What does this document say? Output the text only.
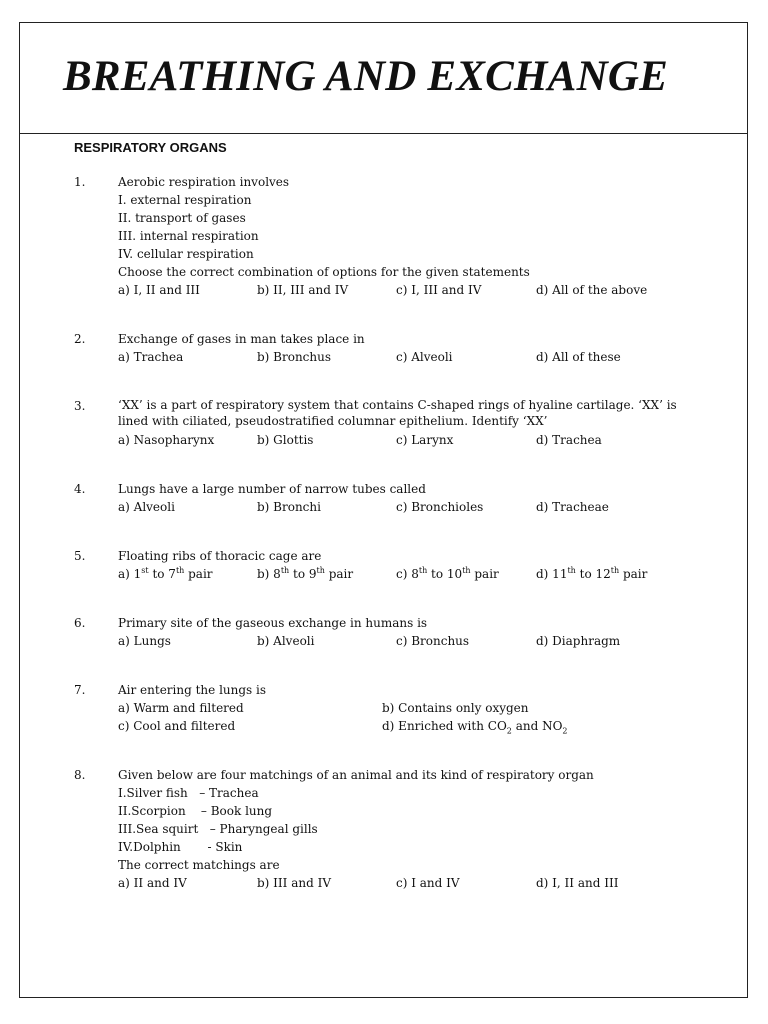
BREATHING AND EXCHANGE
RESPIRATORY ORGANS
1.	Aerobic respiration involves
I. external respiration
II. transport of gases
III. internal respiration
IV. cellular respiration
Choose the correct combination of options for the given statements
a) I, II and III	b) II, III and IV	c) I, III and IV	d) All of the above
2.	Exchange of gases in man takes place in
a) Trachea	b) Bronchus	c) Alveoli	d) All of these
3.	‘XX’ is a part of respiratory system that contains C-shaped rings of hyaline cartilage. ‘XX’ is lined with ciliated, pseudostratified columnar epithelium. Identify ‘XX’
a) Nasopharynx	b) Glottis	c) Larynx	d) Trachea
4.	Lungs have a large number of narrow tubes called
a) Alveoli	b) Bronchi	c) Bronchioles	d) Tracheae
5.	Floating ribs of thoracic cage are
a) 1st to 7th pair	b) 8th to 9th pair	c) 8th to 10th pair	d) 11th to 12th pair
6.	Primary site of the gaseous exchange in humans is
a) Lungs	b) Alveoli	c) Bronchus	d) Diaphragm
7.	Air entering the lungs is
a) Warm and filtered	b) Contains only oxygen
c) Cool and filtered	d) Enriched with $CO_2$ and $NO_2$
8.	Given below are four matchings of an animal and its kind of respiratory organ
I.Silver fish   – Trachea
II.Scorpion    – Book lung
III.Sea squirt   – Pharyngeal gills
IV.Dolphin       - Skin
The correct matchings are
a) II and IV	b) III and IV	c) I and IV	d) I, II and III
